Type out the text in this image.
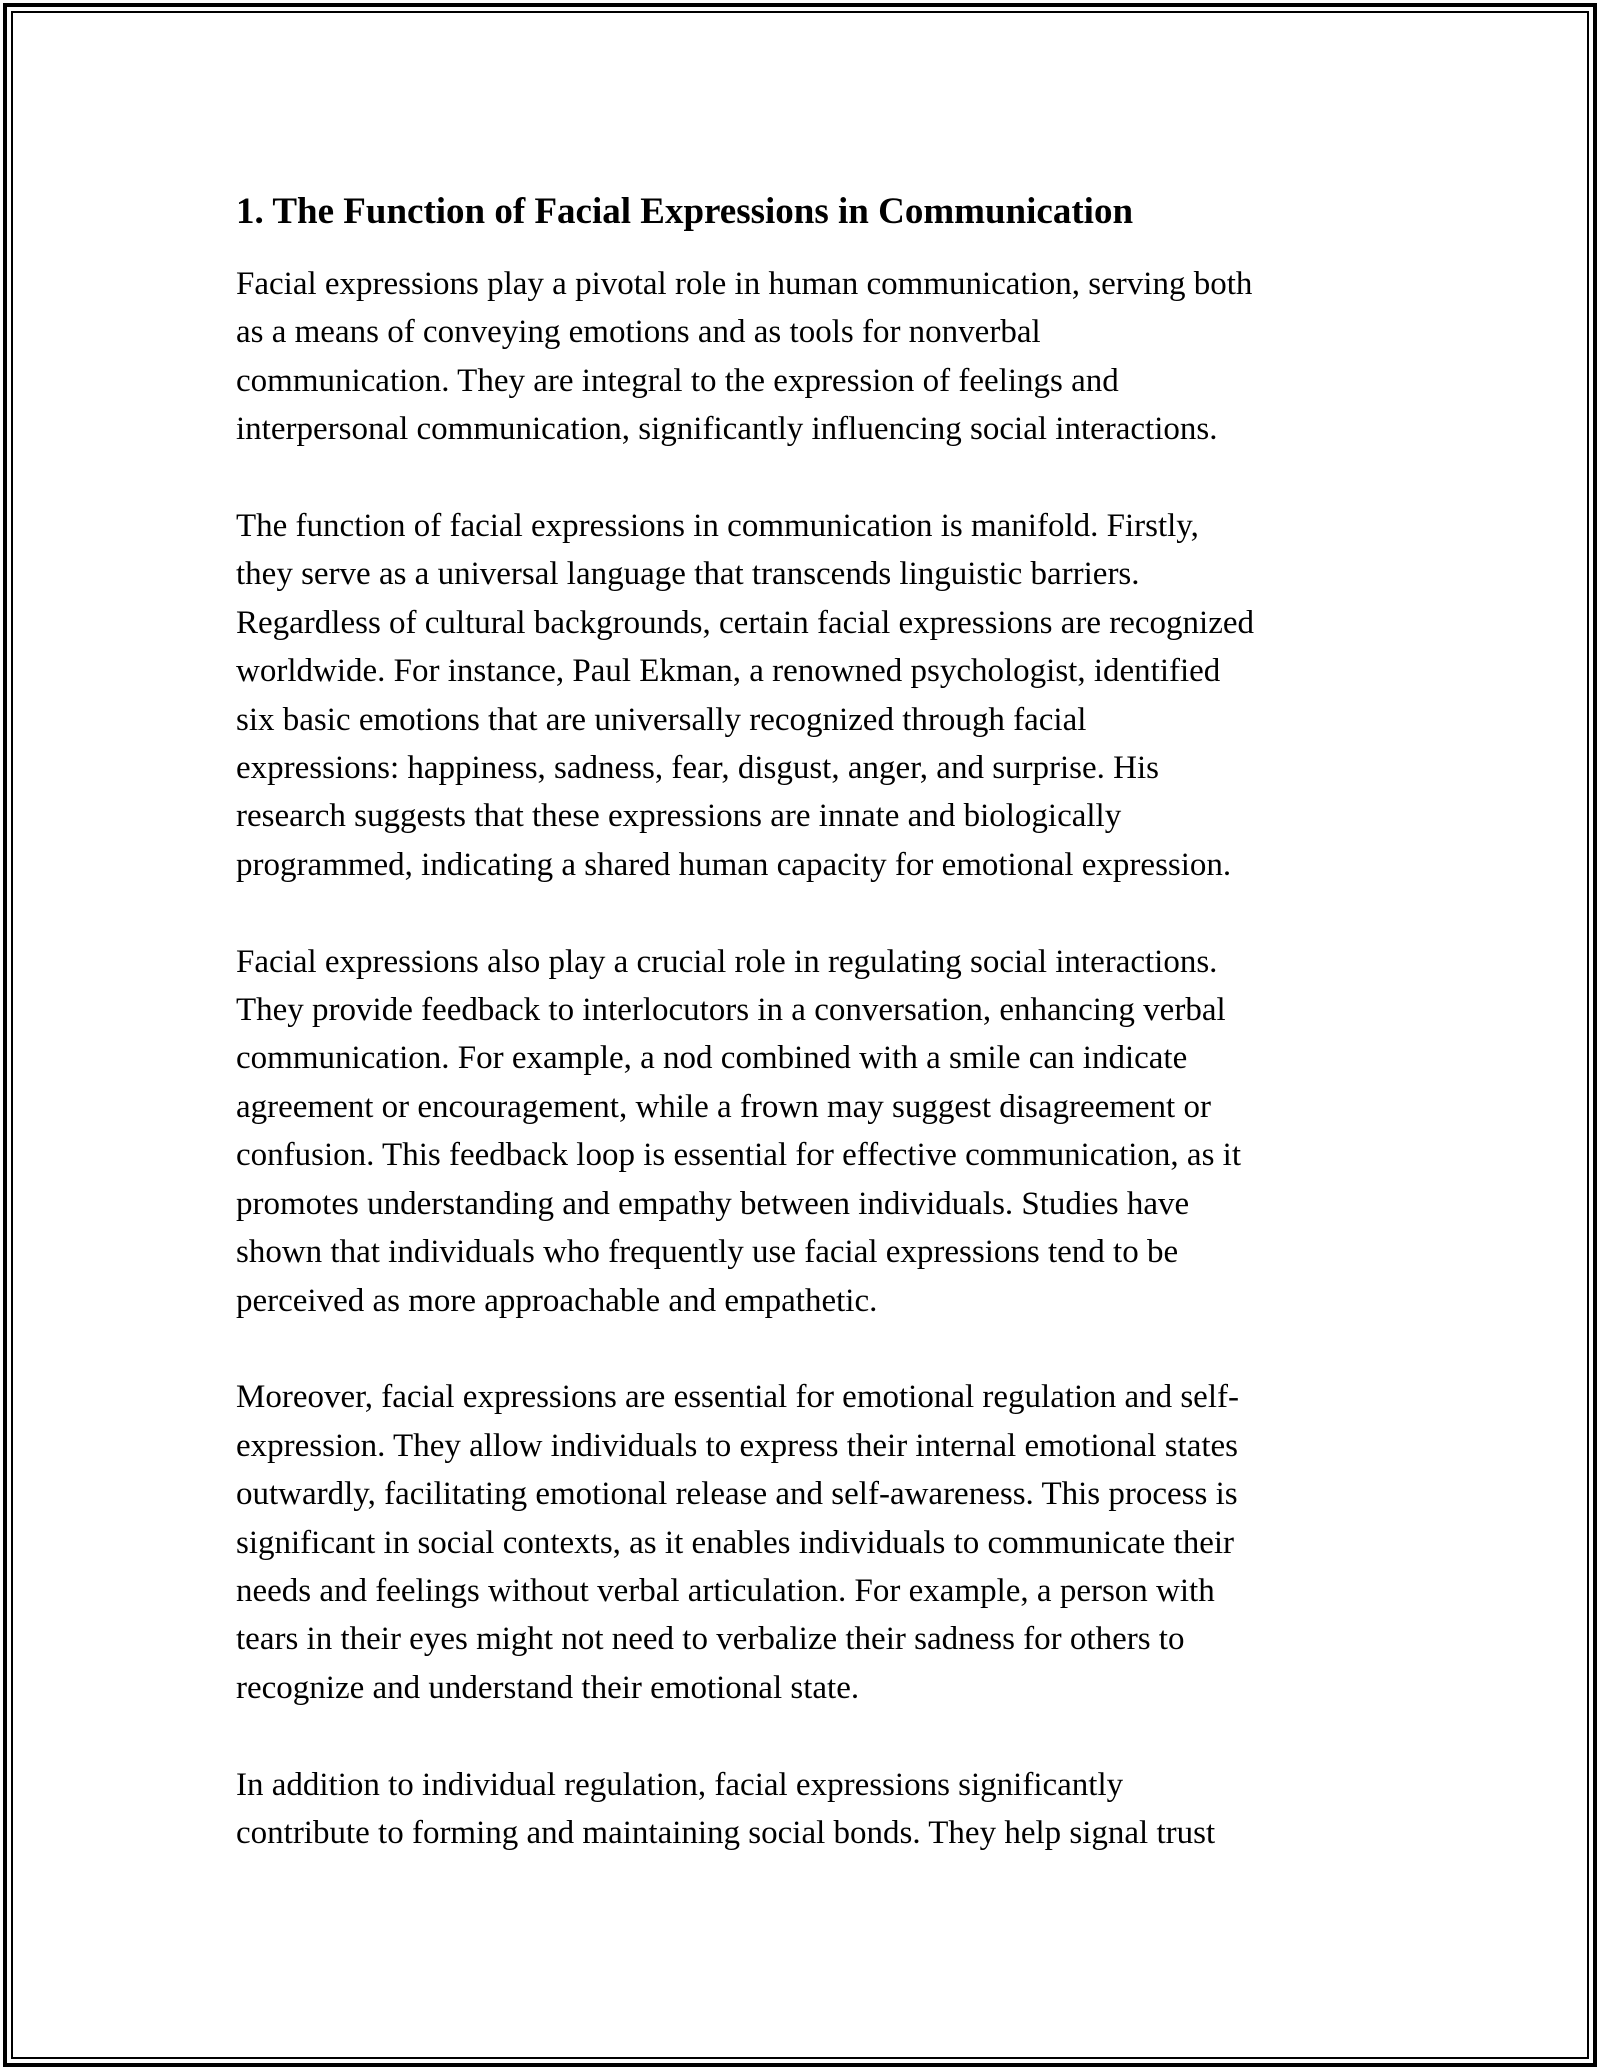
1. The Function of Facial Expressions in Communication
Facial expressions play a pivotal role in human communication, serving both
as a means of conveying emotions and as tools for nonverbal
communication. They are integral to the expression of feelings and
interpersonal communication, significantly influencing social interactions.
The function of facial expressions in communication is manifold. Firstly,
they serve as a universal language that transcends linguistic barriers.
Regardless of cultural backgrounds, certain facial expressions are recognized
worldwide. For instance, Paul Ekman, a renowned psychologist, identified
six basic emotions that are universally recognized through facial
expressions: happiness, sadness, fear, disgust, anger, and surprise. His
research suggests that these expressions are innate and biologically
programmed, indicating a shared human capacity for emotional expression.
Facial expressions also play a crucial role in regulating social interactions.
They provide feedback to interlocutors in a conversation, enhancing verbal
communication. For example, a nod combined with a smile can indicate
agreement or encouragement, while a frown may suggest disagreement or
confusion. This feedback loop is essential for effective communication, as it
promotes understanding and empathy between individuals. Studies have
shown that individuals who frequently use facial expressions tend to be
perceived as more approachable and empathetic.
Moreover, facial expressions are essential for emotional regulation and self-
expression. They allow individuals to express their internal emotional states
outwardly, facilitating emotional release and self-awareness. This process is
significant in social contexts, as it enables individuals to communicate their
needs and feelings without verbal articulation. For example, a person with
tears in their eyes might not need to verbalize their sadness for others to
recognize and understand their emotional state.
In addition to individual regulation, facial expressions significantly
contribute to forming and maintaining social bonds. They help signal trust
